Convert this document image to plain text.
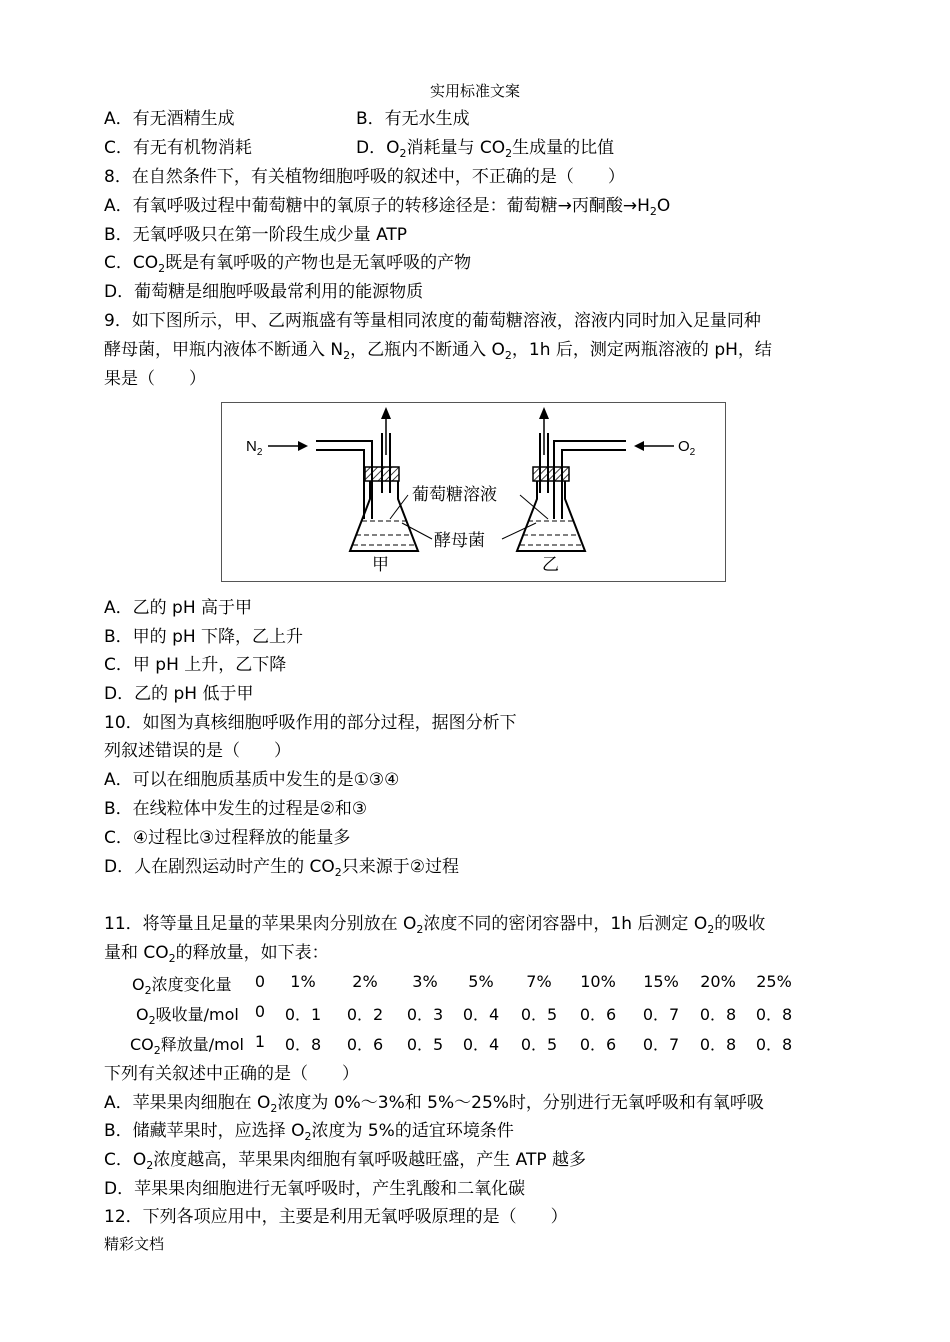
实用标准文案
A．有无酒精生成	B．有无水生成
C．有无有机物消耗	D．$O_2$消耗量与 $CO_2$生成量的比值
8．在自然条件下，有关植物细胞呼吸的叙述中，不正确的是（　　）
A．有氧呼吸过程中葡萄糖中的氧原子的转移途径是：葡萄糖→丙酮酸$\to H_2O$
B．无氧呼吸只在第一阶段生成少量 ATP
C．$CO_2$既是有氧呼吸的产物也是无氧呼吸的产物
D．葡萄糖是细胞呼吸最常利用的能源物质
9．如下图所示，甲、乙两瓶盛有等量相同浓度的葡萄糖溶液，溶液内同时加入足量同种
酵母菌，甲瓶内液体不断通入 $N_2$，乙瓶内不断通入 $O_2$，1h 后，测定两瓶溶液的 pH，结
果是（　　）
$N_2$	$O_2$
葡萄糖溶液
酵母菌
甲	乙
A．乙的 pH 高于甲
B．甲的 pH 下降，乙上升
C．甲 pH 上升，乙下降
D．乙的 pH 低于甲
10．如图为真核细胞呼吸作用的部分过程，据图分析下
列叙述错误的是（　　）
A．可以在细胞质基质中发生的是①③④
B．在线粒体中发生的过程是②和③
C．④过程比③过程释放的能量多
D．人在剧烈运动时产生的 $CO_2$只来源于②过程
11．将等量且足量的苹果果肉分别放在 $O_2$浓度不同的密闭容器中，1h 后测定 $O_2$的吸收
量和 $CO_2$的释放量，如下表：
$O_2$浓度变化量	0	1%	2%	3%	5%	7%	10%	15%	20%	25%
$O_2$吸收量/mol	0	0．1	0．2	0．3	0．4	0．5	0．6	0．7	0．8	0．8
$CO_2$释放量/mol 1	0．8	0．6	0．5	0．4	0．5	0．6	0．7	0．8	0．8
下列有关叙述中正确的是（　　）
A．苹果果肉细胞在 $O_2$浓度为 0%～3%和 5%～25%时，分别进行无氧呼吸和有氧呼吸
B．储藏苹果时，应选择 $O_2$浓度为 5%的适宜环境条件
C．$O_2$浓度越高，苹果果肉细胞有氧呼吸越旺盛，产生 ATP 越多
D．苹果果肉细胞进行无氧呼吸时，产生乳酸和二氧化碳
12．下列各项应用中，主要是利用无氧呼吸原理的是（　　）
精彩文档
